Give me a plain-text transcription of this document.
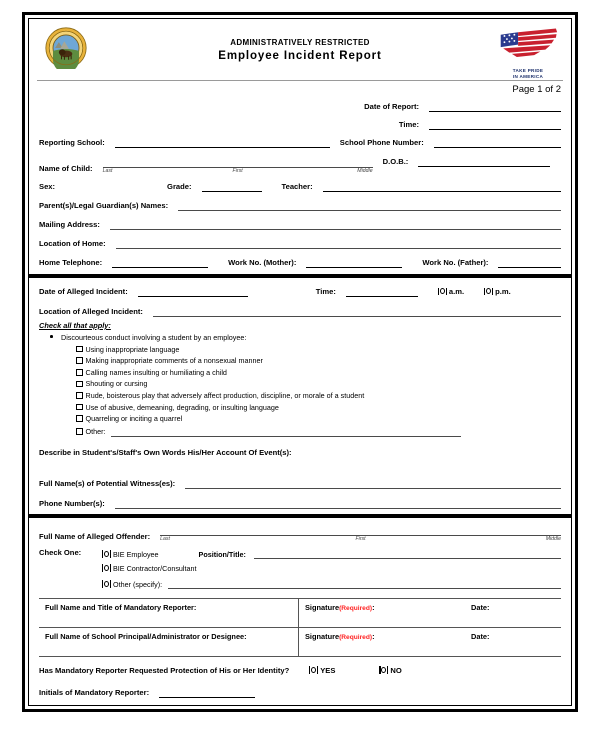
ADMINISTRATIVELY RESTRICTED
Employee Incident Report
TAKE PRIDE
IN AMERICA
Page 1 of 2
Date of Report:
Time:
Reporting School:	School Phone Number:
Name of Child: Last	First	Middle
D.O.B.:
Sex:	Grade:	Teacher:
Parent(s)/Legal Guardian(s) Names:
Mailing Address:
Location of Home:
Home Telephone:	Work No. (Mother):	Work No. (Father):
Date of Alleged Incident:	Time:	a.m.	p.m.
Location of Alleged Incident:
Check all that apply:
Discourteous conduct involving a student by an employee:
Using inappropriate language
Making inappropriate comments of a nonsexual manner
Calling names insulting or humiliating a child
Shouting or cursing
Rude, boisterous play that adversely affect production, discipline, or morale of a student
Use of abusive, demeaning, degrading, or insulting language
Quarreling or inciting a quarrel
Other:
Describe in Student's/Staff's Own Words His/Her Account Of Event(s):
Full Name(s) of Potential Witness(es):
Phone Number(s):
Full Name of Alleged Offender: Last	First	Middle
Check One:	BIE Employee	Position/Title:
BIE Contractor/Consultant
Other (specify):
Full Name and Title of Mandatory Reporter:	Signature(Required):	Date:
Full Name of School Principal/Administrator or Designee:	Signature(Required):	Date:
Has Mandatory Reporter Requested Protection of His or Her Identity?	YES	NO
Initials of Mandatory Reporter:
